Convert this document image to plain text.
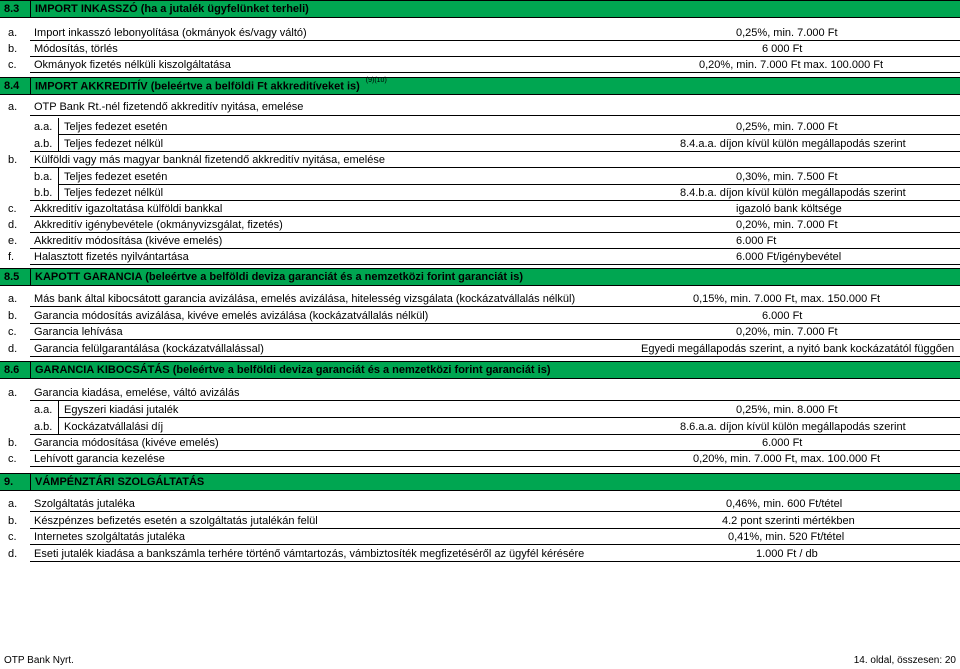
8.3 IMPORT INKASSZÓ (ha a jutalék ügyfelünket terheli)
a. Import inkasszó lebonyolítása (okmányok és/vagy váltó)	0,25%, min. 7.000 Ft
b. Módosítás, törlés	6 000 Ft
c. Okmányok fizetés nélküli kiszolgáltatása	0,20%, min. 7.000 Ft max. 100.000 Ft
8.4 IMPORT AKKREDITÍV (beleértve a belföldi Ft akkreditíveket is)$^{(9)(10)}$
a. OTP Bank Rt.-nél fizetendő akkreditív nyitása, emelése
a.a. Teljes fedezet esetén	0,25%, min. 7.000 Ft
a.b. Teljes fedezet nélkül	8.4.a.a. díjon kívül külön megállapodás szerint
b. Külföldi vagy más magyar banknál fizetendő akkreditív nyitása, emelése
b.a. Teljes fedezet esetén	0,30%, min. 7.500 Ft
b.b. Teljes fedezet nélkül	8.4.b.a. díjon kívül külön megállapodás szerint
c. Akkreditív igazoltatása külföldi bankkal	igazoló bank költsége
d. Akkreditív igénybevétele (okmányvizsgálat, fizetés)	0,20%, min. 7.000 Ft
e. Akkreditív módosítása (kivéve emelés)	6.000 Ft
f. Halasztott fizetés nyilvántartása	6.000 Ft/igénybevétel
8.5 KAPOTT GARANCIA (beleértve a belföldi deviza garanciát és a nemzetközi forint garanciát is)
a. Más bank által kibocsátott garancia avizálása, emelés avizálása, hitelesség vizsgálata (kockázatvállalás nélkül)	0,15%, min. 7.000 Ft, max. 150.000 Ft
b. Garancia módosítás avizálása, kivéve emelés avizálása (kockázatvállalás nélkül)	6.000 Ft
c. Garancia lehívása	0,20%, min. 7.000 Ft
d. Garancia felülgarantálása (kockázatvállalással)	Egyedi megállapodás szerint, a nyitó bank kockázatától függően
8.6 GARANCIA KIBOCSÁTÁS (beleértve a belföldi deviza garanciát és a nemzetközi forint garanciát is)
a. Garancia kiadása, emelése, váltó avizálás
a.a. Egyszeri kiadási jutalék	0,25%, min. 8.000 Ft
a.b. Kockázatvállalási díj	8.6.a.a. díjon kívül külön megállapodás szerint
b. Garancia módosítása (kivéve emelés)	6.000 Ft
c. Lehívott garancia kezelése	0,20%, min. 7.000 Ft, max. 100.000 Ft
9. VÁMPÉNZTÁRI SZOLGÁLTATÁS
a. Szolgáltatás jutaléka	0,46%, min. 600 Ft/tétel
b. Készpénzes befizetés esetén a szolgáltatás jutalékán felül	4.2 pont szerinti mértékben
c. Internetes szolgáltatás jutaléka	0,41%, min. 520 Ft/tétel
d. Eseti jutalék kiadása a bankszámla terhére történő vámtartozás, vámbiztosíték megfizetéséről az ügyfél kérésére	1.000 Ft / db
OTP Bank Nyrt.	14. oldal, összesen: 20
